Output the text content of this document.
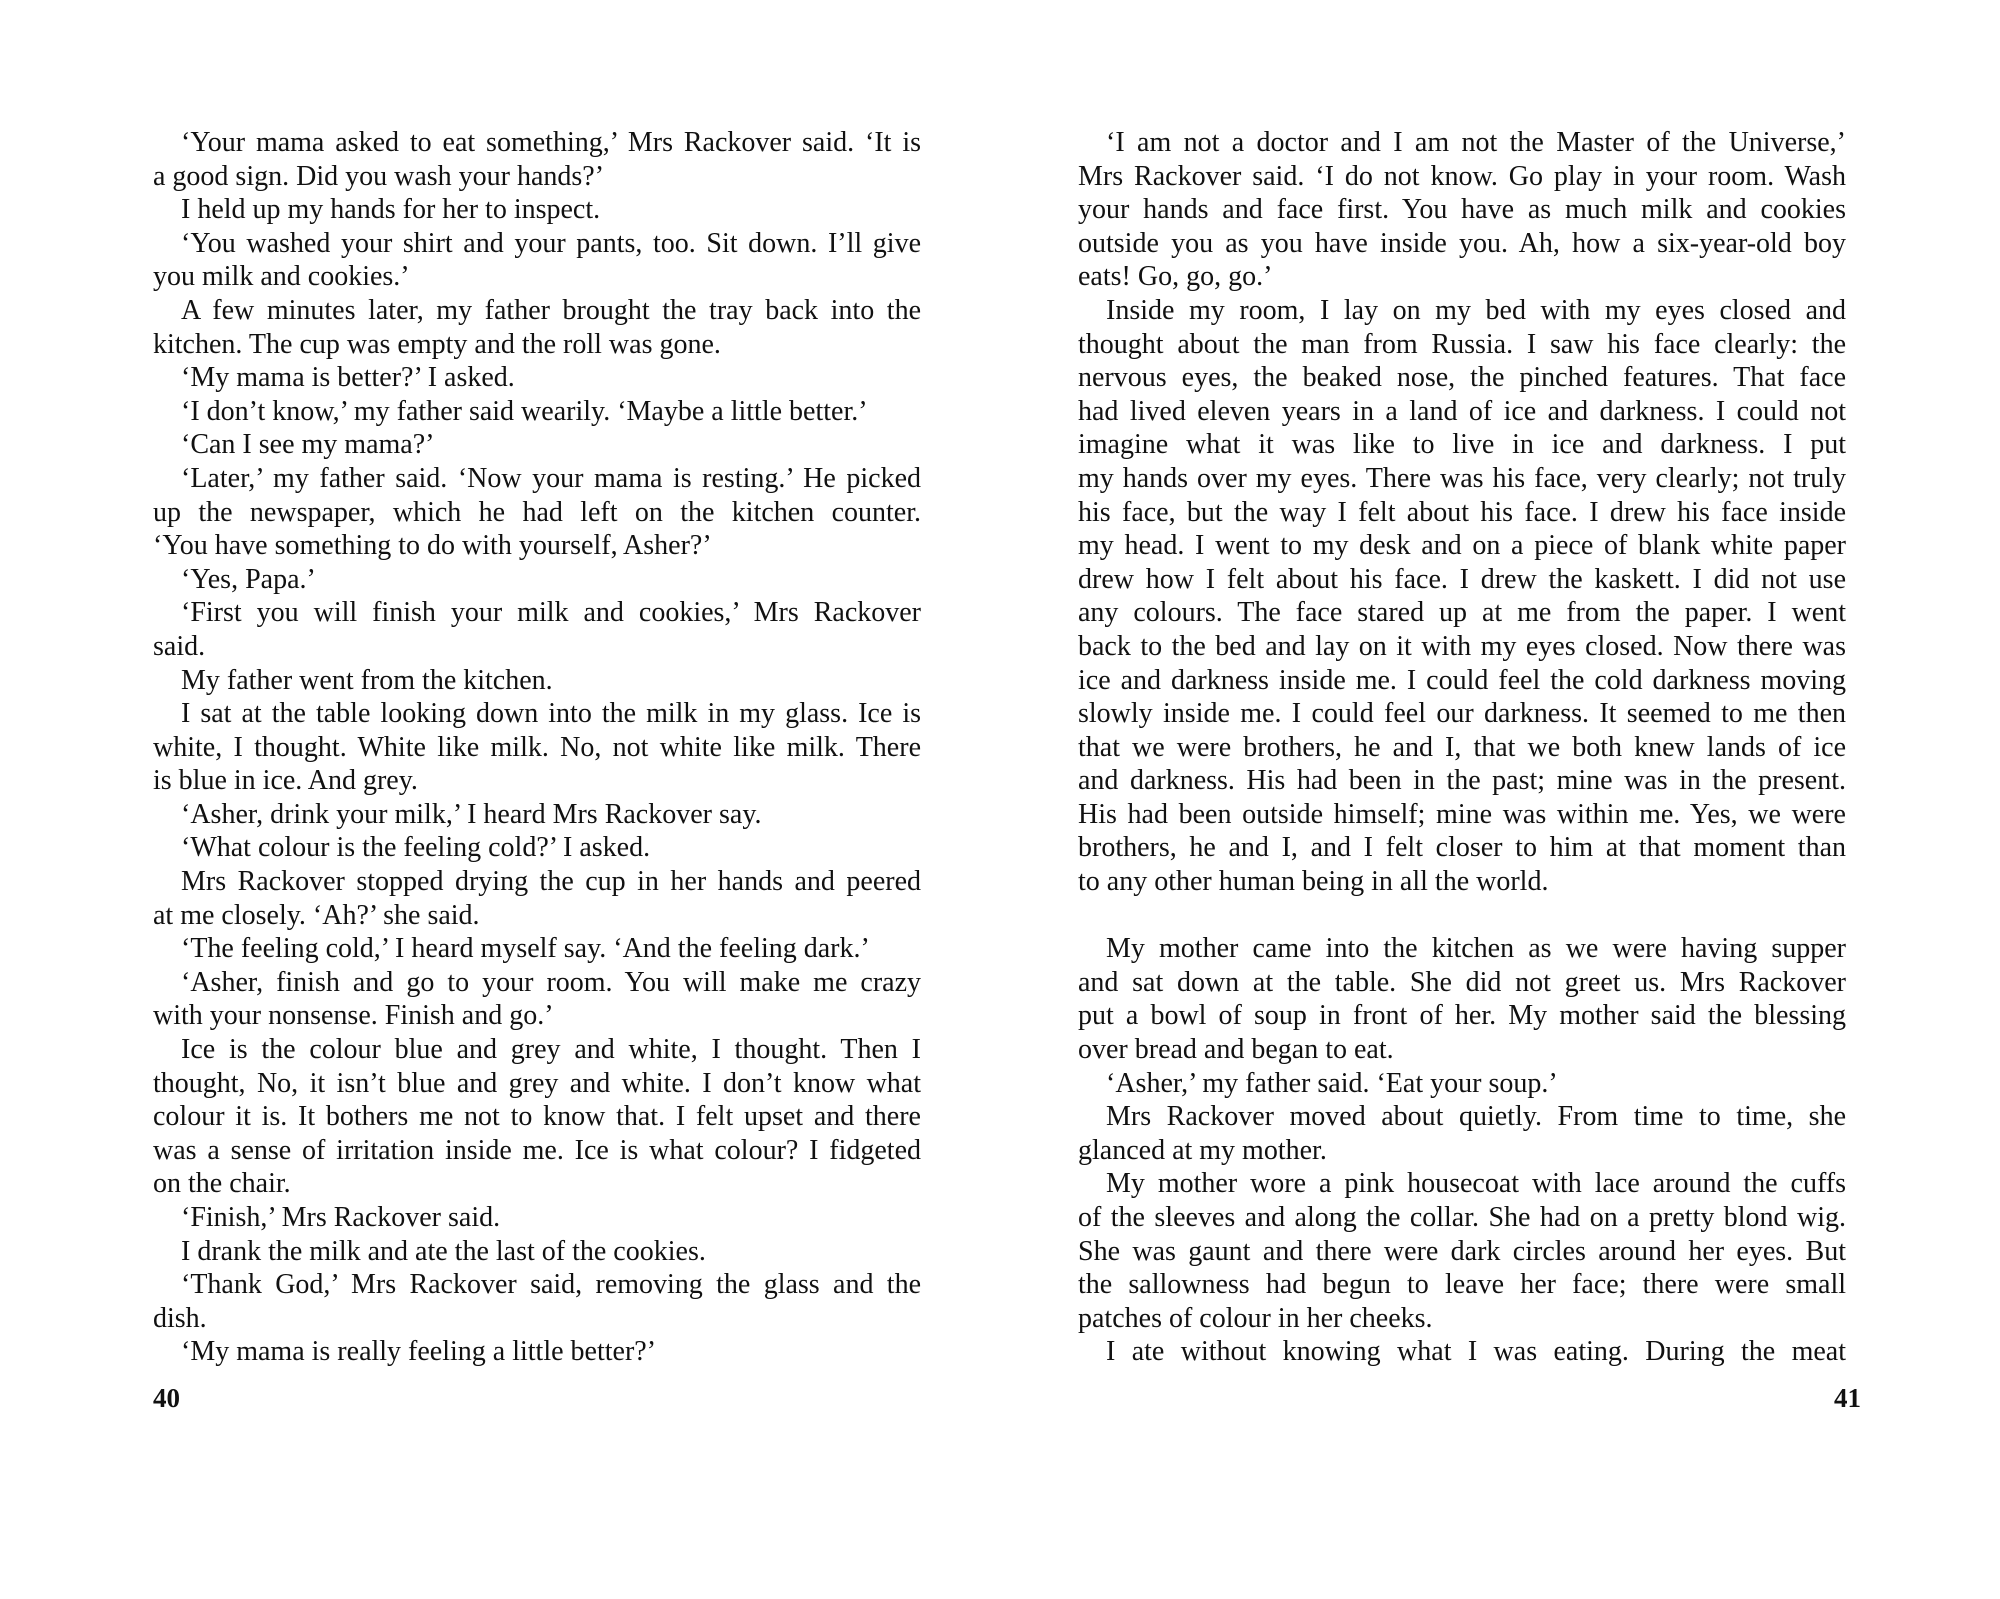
‘Your mama asked to eat something,’ Mrs Rackover said. ‘It is
a good sign. Did you wash your hands?’
I held up my hands for her to inspect.
‘You washed your shirt and your pants, too. Sit down. I’ll give
you milk and cookies.’
A few minutes later, my father brought the tray back into the
kitchen. The cup was empty and the roll was gone.
‘My mama is better?’ I asked.
‘I don’t know,’ my father said wearily. ‘Maybe a little better.’
‘Can I see my mama?’
‘Later,’ my father said. ‘Now your mama is resting.’ He picked
up the newspaper, which he had left on the kitchen counter.
‘You have something to do with yourself, Asher?’
‘Yes, Papa.’
‘First you will finish your milk and cookies,’ Mrs Rackover
said.
My father went from the kitchen.
I sat at the table looking down into the milk in my glass. Ice is
white, I thought. White like milk. No, not white like milk. There
is blue in ice. And grey.
‘Asher, drink your milk,’ I heard Mrs Rackover say.
‘What colour is the feeling cold?’ I asked.
Mrs Rackover stopped drying the cup in her hands and peered
at me closely. ‘Ah?’ she said.
‘The feeling cold,’ I heard myself say. ‘And the feeling dark.’
‘Asher, finish and go to your room. You will make me crazy
with your nonsense. Finish and go.’
Ice is the colour blue and grey and white, I thought. Then I
thought, No, it isn’t blue and grey and white. I don’t know what
colour it is. It bothers me not to know that. I felt upset and there
was a sense of irritation inside me. Ice is what colour? I fidgeted
on the chair.
‘Finish,’ Mrs Rackover said.
I drank the milk and ate the last of the cookies.
‘Thank God,’ Mrs Rackover said, removing the glass and the
dish.
‘My mama is really feeling a little better?’
40
‘I am not a doctor and I am not the Master of the Universe,’
Mrs Rackover said. ‘I do not know. Go play in your room. Wash
your hands and face first. You have as much milk and cookies
outside you as you have inside you. Ah, how a six-year-old boy
eats! Go, go, go.’
Inside my room, I lay on my bed with my eyes closed and
thought about the man from Russia. I saw his face clearly: the
nervous eyes, the beaked nose, the pinched features. That face
had lived eleven years in a land of ice and darkness. I could not
imagine what it was like to live in ice and darkness. I put
my hands over my eyes. There was his face, very clearly; not truly
his face, but the way I felt about his face. I drew his face inside
my head. I went to my desk and on a piece of blank white paper
drew how I felt about his face. I drew the kaskett. I did not use
any colours. The face stared up at me from the paper. I went
back to the bed and lay on it with my eyes closed. Now there was
ice and darkness inside me. I could feel the cold darkness moving
slowly inside me. I could feel our darkness. It seemed to me then
that we were brothers, he and I, that we both knew lands of ice
and darkness. His had been in the past; mine was in the present.
His had been outside himself; mine was within me. Yes, we were
brothers, he and I, and I felt closer to him at that moment than
to any other human being in all the world.
My mother came into the kitchen as we were having supper
and sat down at the table. She did not greet us. Mrs Rackover
put a bowl of soup in front of her. My mother said the blessing
over bread and began to eat.
‘Asher,’ my father said. ‘Eat your soup.’
Mrs Rackover moved about quietly. From time to time, she
glanced at my mother.
My mother wore a pink housecoat with lace around the cuffs
of the sleeves and along the collar. She had on a pretty blond wig.
She was gaunt and there were dark circles around her eyes. But
the sallowness had begun to leave her face; there were small
patches of colour in her cheeks.
I ate without knowing what I was eating. During the meat
41
